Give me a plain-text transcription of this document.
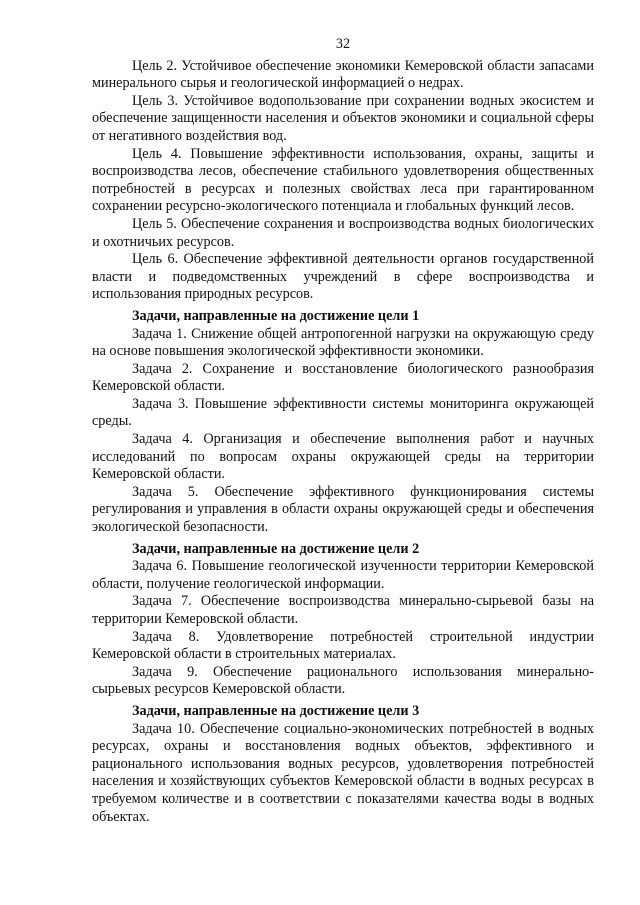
32

Цель 2. Устойчивое обеспечение экономики Кемеровской области запасами минерального сырья и геологической информацией о недрах.

Цель 3. Устойчивое водопользование при сохранении водных экосистем и обеспечение защищенности населения и объектов экономики и социальной сферы от негативного воздействия вод.

Цель 4. Повышение эффективности использования, охраны, защиты и воспроизводства лесов, обеспечение стабильного удовлетворения общественных потребностей в ресурсах и полезных свойствах леса при гарантированном сохранении ресурсно-экологического потенциала и глобальных функций лесов.

Цель 5. Обеспечение сохранения и воспроизводства водных биологических и охотничьих ресурсов.

Цель 6. Обеспечение эффективной деятельности органов государственной власти и подведомственных учреждений в сфере воспроизводства и использования природных ресурсов.

Задачи, направленные на достижение цели 1

Задача 1. Снижение общей антропогенной нагрузки на окружающую среду на основе повышения экологической эффективности экономики.

Задача 2. Сохранение и восстановление биологического разнообразия Кемеровской области.

Задача 3. Повышение эффективности системы мониторинга окружающей среды.

Задача 4. Организация и обеспечение выполнения работ и научных исследований по вопросам охраны окружающей среды на территории Кемеровской области.

Задача 5. Обеспечение эффективного функционирования системы регулирования и управления в области охраны окружающей среды и обеспечения экологической безопасности.

Задачи, направленные на достижение цели 2

Задача 6. Повышение геологической изученности территории Кемеровской области, получение геологической информации.

Задача 7. Обеспечение воспроизводства минерально-сырьевой базы на территории Кемеровской области.

Задача 8. Удовлетворение потребностей строительной индустрии Кемеровской области в строительных материалах.

Задача 9. Обеспечение рационального использования минерально-сырьевых ресурсов Кемеровской области.

Задачи, направленные на достижение цели 3

Задача 10. Обеспечение социально-экономических потребностей в водных ресурсах, охраны и восстановления водных объектов, эффективного и рационального использования водных ресурсов, удовлетворения потребностей населения и хозяйствующих субъектов Кемеровской области в водных ресурсах в требуемом количестве и в соответствии с показателями качества воды в водных объектах.
